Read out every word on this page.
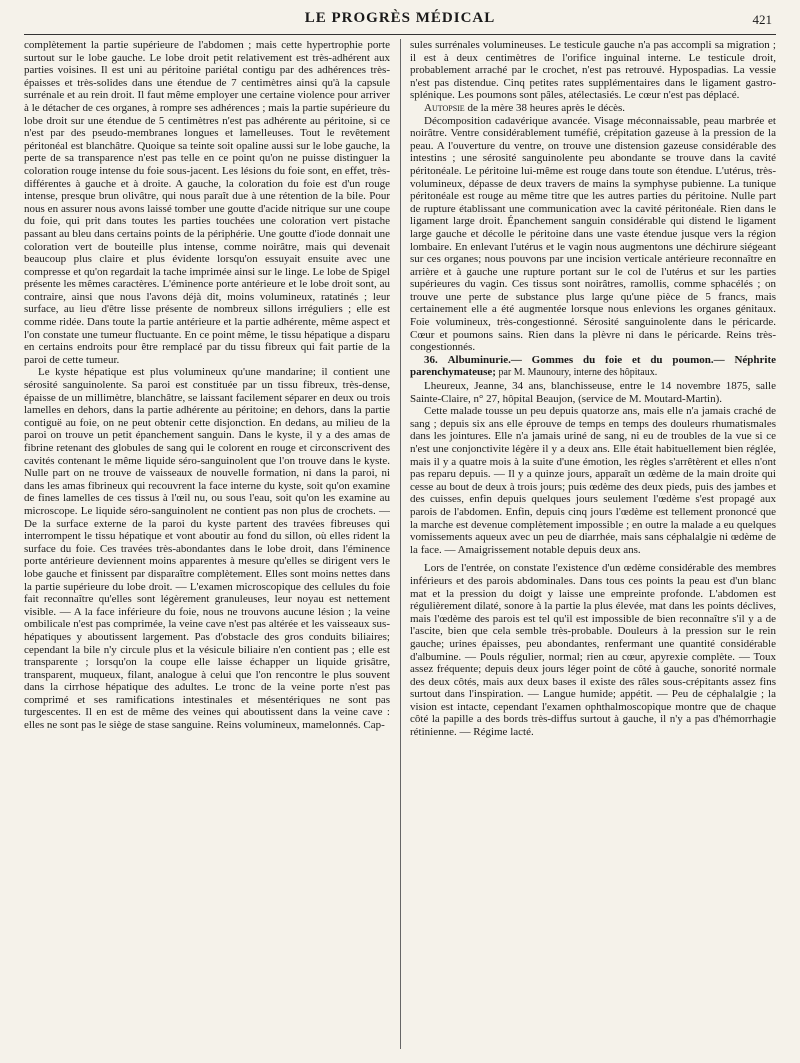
LE PROGRÈS MÉDICAL	421

complètement la partie supérieure de l'abdomen ; mais cette hypertrophie porte surtout sur le lobe gauche. Le lobe droit petit relativement est très-adhérent aux parties voisines. Il est uni au péritoine pariétal contigu par des adhérences très-épaisses et très-solides dans une étendue de 7 centimètres ainsi qu'à la capsule surrénale et au rein droit. Il faut même employer une certaine violence pour arriver à le détacher de ces organes, à rompre ses adhérences ; mais la partie supérieure du lobe droit sur une étendue de 5 centimètres n'est pas adhérente au péritoine, si ce n'est par des pseudo-membranes longues et lamelleuses. Tout le revêtement péritonéal est blanchâtre. Quoique sa teinte soit opaline aussi sur le lobe gauche, la perte de sa transparence n'est pas telle en ce point qu'on ne puisse distinguer la coloration rouge intense du foie sous-jacent. Les lésions du foie sont, en effet, très-différentes à gauche et à droite. A gauche, la coloration du foie est d'un rouge intense, presque brun olivâtre, qui nous paraît due à une rétention de la bile. Pour nous en assurer nous avons laissé tomber une goutte d'acide nitrique sur une coupe du foie, qui prit dans toutes les parties touchées une coloration vert pistache passant au bleu dans certains points de la périphérie. Une goutte d'iode donnait une coloration vert de bouteille plus intense, comme noirâtre, mais qui devenait beaucoup plus claire et plus évidente lorsqu'on essuyait ensuite avec une compresse et qu'on regardait la tache imprimée ainsi sur le linge. Le lobe de Spigel présente les mêmes caractères. L'éminence porte antérieure et le lobe droit sont, au contraire, ainsi que nous l'avons déjà dit, moins volumineux, ratatinés ; leur surface, au lieu d'être lisse présente de nombreux sillons irréguliers ; elle est comme ridée. Dans toute la partie antérieure et la partie adhérente, même aspect et l'on constate une tumeur fluctuante. En ce point même, le tissu hépatique a disparu en certains endroits pour être remplacé par du tissu fibreux qui fait partie de la paroi de cette tumeur.

Le kyste hépatique est plus volumineux qu'une mandarine; il contient une sérosité sanguinolente. Sa paroi est constituée par un tissu fibreux, très-dense, épaisse de un millimètre, blanchâtre, se laissant facilement séparer en deux ou trois lamelles en dehors, dans la partie adhérente au péritoine; en dehors, dans la partie contiguë au foie, on ne peut obtenir cette disjonction. En dedans, au milieu de la paroi on trouve un petit épanchement sanguin. Dans le kyste, il y a des amas de fibrine retenant des globules de sang qui le colorent en rouge et circonscrivent des cavités contenant le même liquide séro-sanguinolent que l'on trouve dans le kyste. Nulle part on ne trouve de vaisseaux de nouvelle formation, ni dans la paroi, ni dans les amas fibrineux qui recouvrent la face interne du kyste, soit qu'on examine de fines lamelles de ces tissus à l'œil nu, ou sous l'eau, soit qu'on les examine au microscope. Le liquide séro-sanguinolent ne contient pas non plus de crochets. — De la surface externe de la paroi du kyste partent des travées fibreuses qui interrompent le tissu hépatique et vont aboutir au fond du sillon, où elles rident la surface du foie. Ces travées très-abondantes dans le lobe droit, dans l'éminence porte antérieure deviennent moins apparentes à mesure qu'elles se dirigent vers le lobe gauche et finissent par disparaître complètement. Elles sont moins nettes dans la partie supérieure du lobe droit. — L'examen microscopique des cellules du foie fait reconnaître qu'elles sont légèrement granuleuses, leur noyau est nettement visible. — A la face inférieure du foie, nous ne trouvons aucune lésion ; la veine ombilicale n'est pas comprimée, la veine cave n'est pas altérée et les vaisseaux sus-hépatiques y aboutissent largement. Pas d'obstacle des gros conduits biliaires; cependant la bile n'y circule plus et la vésicule biliaire n'en contient pas ; elle est transparente ; lorsqu'on la coupe elle laisse échapper un liquide grisâtre, transparent, muqueux, filant, analogue à celui que l'on rencontre le plus souvent dans la cirrhose hépatique des adultes. Le tronc de la veine porte n'est pas comprimé et ses ramifications intestinales et mésentériques ne sont pas turgescentes. Il en est de même des veines qui aboutissent dans la veine cave : elles ne sont pas le siège de stase sanguine. Reins volumineux, mamelonnés. Cap-

sules surrénales volumineuses. Le testicule gauche n'a pas accompli sa migration ; il est à deux centimètres de l'orifice inguinal interne. Le testicule droit, probablement arraché par le crochet, n'est pas retrouvé. Hypospadias. La vessie n'est pas distendue. Cinq petites rates supplémentaires dans le ligament gastro-splénique. Les poumons sont pâles, atélectasiés. Le cœur n'est pas déplacé.

Autopsie de la mère 38 heures après le décès.

Décomposition cadavérique avancée. Visage méconnaissable, peau marbrée et noirâtre. Ventre considérablement tuméfié, crépitation gazeuse à la pression de la peau. A l'ouverture du ventre, on trouve une distension gazeuse considérable des intestins ; une sérosité sanguinolente peu abondante se trouve dans la cavité péritonéale. Le péritoine lui-même est rouge dans toute son étendue. L'utérus, très-volumineux, dépasse de deux travers de mains la symphyse pubienne. La tunique péritonéale est rouge au même titre que les autres parties du péritoine. Nulle part de rupture établissant une communication avec la cavité péritonéale. Rien dans le ligament large droit. Épanchement sanguin considérable qui distend le ligament large gauche et décolle le péritoine dans une vaste étendue jusque vers la région lombaire. En enlevant l'utérus et le vagin nous augmentons une déchirure siégeant sur ces organes; nous pouvons par une incision verticale antérieure reconnaître en arrière et à gauche une rupture portant sur le col de l'utérus et sur les parties supérieures du vagin. Ces tissus sont noirâtres, ramollis, comme sphacélés ; on trouve une perte de substance plus large qu'une pièce de 5 francs, mais certainement elle a été augmentée lorsque nous enlevions les organes génitaux. Foie volumineux, très-congestionné. Sérosité sanguinolente dans le péricarde. Cœur et poumons sains. Rien dans la plèvre ni dans le péricarde. Reins très-congestionnés.

36. Albuminurie.— Gommes du foie et du poumon.— Néphrite parenchymateuse; par M. Maunoury, interne des hôpitaux.

Lheureux, Jeanne, 34 ans, blanchisseuse, entre le 14 novembre 1875, salle Sainte-Claire, n° 27, hôpital Beaujon, (service de M. Moutard-Martin).

Cette malade tousse un peu depuis quatorze ans, mais elle n'a jamais craché de sang ; depuis six ans elle éprouve de temps en temps des douleurs rhumatismales dans les jointures. Elle n'a jamais uriné de sang, ni eu de troubles de la vue si ce n'est une conjonctivite légère il y a deux ans. Elle était habituellement bien réglée, mais il y a quatre mois à la suite d'une émotion, les règles s'arrêtèrent et elles n'ont pas reparu depuis. — Il y a quinze jours, apparaît un œdème de la main droite qui cesse au bout de deux à trois jours; puis œdème des deux pieds, puis des jambes et des cuisses, enfin depuis quelques jours seulement l'œdème s'est propagé aux parois de l'abdomen. Enfin, depuis cinq jours l'œdème est tellement prononcé que la marche est devenue complètement impossible ; en outre la malade a eu quelques vomissements aqueux avec un peu de diarrhée, mais sans céphalalgie ni œdème de la face. — Amaigrissement notable depuis deux ans.

Lors de l'entrée, on constate l'existence d'un œdème considérable des membres inférieurs et des parois abdominales. Dans tous ces points la peau est d'un blanc mat et la pression du doigt y laisse une empreinte profonde. L'abdomen est régulièrement dilaté, sonore à la partie la plus élevée, mat dans les points déclives, mais l'œdème des parois est tel qu'il est impossible de bien reconnaître s'il y a de l'ascite, bien que cela semble très-probable. Douleurs à la pression sur le rein gauche; urines épaisses, peu abondantes, renfermant une quantité considérable d'albumine. — Pouls régulier, normal; rien au cœur, apyrexie complète. — Toux assez fréquente; depuis deux jours léger point de côté à gauche, sonorité normale des deux côtés, mais aux deux bases il existe des râles sous-crépitants assez fins surtout dans l'inspiration. — Langue humide; appétit. — Peu de céphalalgie ; la vision est intacte, cependant l'examen ophthalmoscopique montre que de chaque côté la papille a des bords très-diffus surtout à gauche, il n'y a pas d'hémorrhagie rétinienne. — Régime lacté.
